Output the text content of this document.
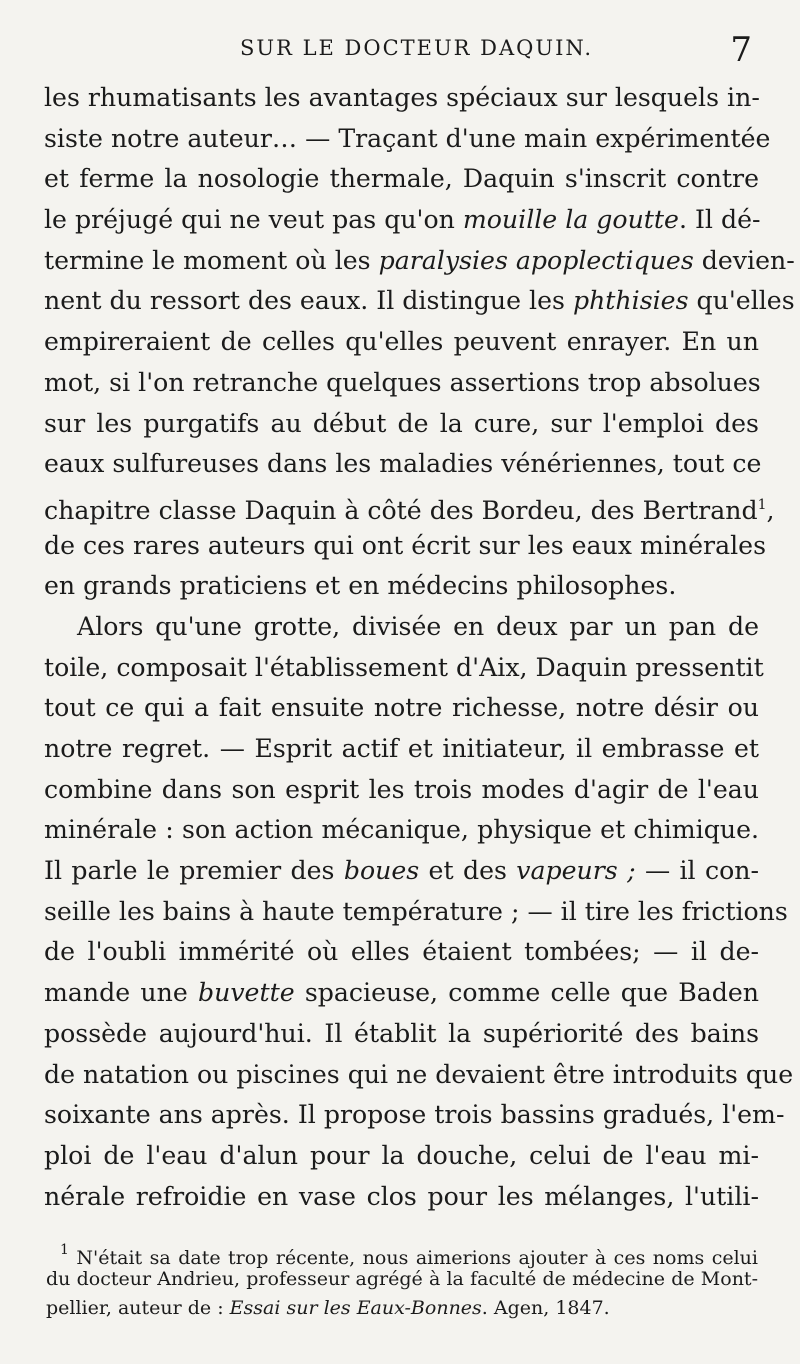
SUR LE DOCTEUR DAQUIN.	7
les rhumatisants les avantages spéciaux sur lesquels in-
siste notre auteur… — Traçant d'une main expérimentée
et ferme la nosologie thermale, Daquin s'inscrit contre
le préjugé qui ne veut pas qu'on mouille la goutte. Il dé-
termine le moment où les paralysies apoplectiques devien-
nent du ressort des eaux. Il distingue les phthisies qu'elles
empireraient de celles qu'elles peuvent enrayer. En un
mot, si l'on retranche quelques assertions trop absolues
sur les purgatifs au début de la cure, sur l'emploi des
eaux sulfureuses dans les maladies vénériennes, tout ce
chapitre classe Daquin à côté des Bordeu, des Bertrand$^1$,
de ces rares auteurs qui ont écrit sur les eaux minérales
en grands praticiens et en médecins philosophes.
Alors qu'une grotte, divisée en deux par un pan de
toile, composait l'établissement d'Aix, Daquin pressentit
tout ce qui a fait ensuite notre richesse, notre désir ou
notre regret. — Esprit actif et initiateur, il embrasse et
combine dans son esprit les trois modes d'agir de l'eau
minérale : son action mécanique, physique et chimique.
Il parle le premier des boues et des vapeurs ; — il con-
seille les bains à haute température ; — il tire les frictions
de l'oubli immérité où elles étaient tombées; — il de-
mande une buvette spacieuse, comme celle que Baden
possède aujourd'hui. Il établit la supériorité des bains
de natation ou piscines qui ne devaient être introduits que
soixante ans après. Il propose trois bassins gradués, l'em-
ploi de l'eau d'alun pour la douche, celui de l'eau mi-
nérale refroidie en vase clos pour les mélanges, l'utili-
$^1$ N'était sa date trop récente, nous aimerions ajouter à ces noms celui
du docteur Andrieu, professeur agrégé à la faculté de médecine de Mont-
pellier, auteur de : Essai sur les Eaux-Bonnes. Agen, 1847.
